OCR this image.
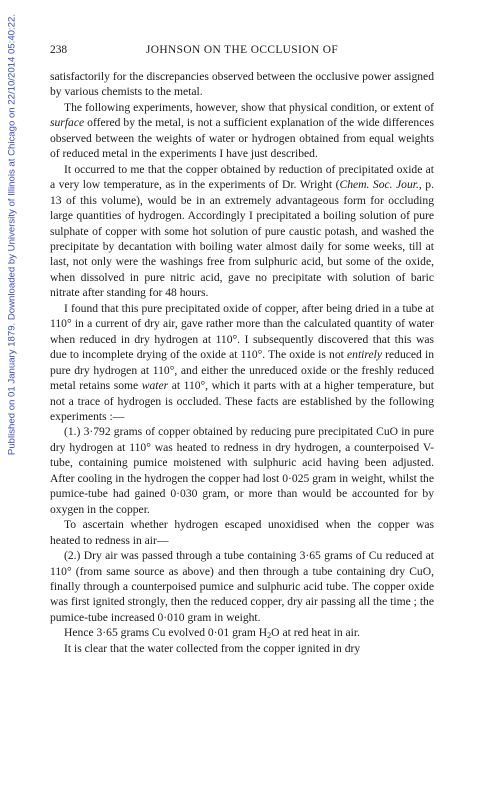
Published on 01 January 1879. Downloaded by University of Illinois at Chicago on 22/10/2014 05:40:22.	238	JOHNSON ON THE OCCLUSION OF

satisfactorily for the discrepancies observed between the occlusive power assigned by various chemists to the metal.

The following experiments, however, show that physical condition, or extent of surface offered by the metal, is not a sufficient explanation of the wide differences observed between the weights of water or hydrogen obtained from equal weights of reduced metal in the experiments I have just described.

It occurred to me that the copper obtained by reduction of precipitated oxide at a very low temperature, as in the experiments of Dr. Wright (Chem. Soc. Jour., p. 13 of this volume), would be in an extremely advantageous form for occluding large quantities of hydrogen. Accordingly I precipitated a boiling solution of pure sulphate of copper with some hot solution of pure caustic potash, and washed the precipitate by decantation with boiling water almost daily for some weeks, till at last, not only were the washings free from sulphuric acid, but some of the oxide, when dissolved in pure nitric acid, gave no precipitate with solution of baric nitrate after standing for 48 hours.

I found that this pure precipitated oxide of copper, after being dried in a tube at 110° in a current of dry air, gave rather more than the calculated quantity of water when reduced in dry hydrogen at 110°. I subsequently discovered that this was due to incomplete drying of the oxide at 110°. The oxide is not entirely reduced in pure dry hydrogen at 110°, and either the unreduced oxide or the freshly reduced metal retains some water at 110°, which it parts with at a higher temperature, but not a trace of hydrogen is occluded. These facts are established by the following experiments :—

(1.) 3·792 grams of copper obtained by reducing pure precipitated CuO in pure dry hydrogen at 110° was heated to redness in dry hydrogen, a counterpoised V-tube, containing pumice moistened with sulphuric acid having been adjusted. After cooling in the hydrogen the copper had lost 0·025 gram in weight, whilst the pumice-tube had gained 0·030 gram, or more than would be accounted for by oxygen in the copper.

To ascertain whether hydrogen escaped unoxidised when the copper was heated to redness in air—

(2.) Dry air was passed through a tube containing 3·65 grams of Cu reduced at 110° (from same source as above) and then through a tube containing dry CuO, finally through a counterpoised pumice and sulphuric acid tube. The copper oxide was first ignited strongly, then the reduced copper, dry air passing all the time ; the pumice-tube increased 0·010 gram in weight.

Hence 3·65 grams Cu evolved 0·01 gram $H_2O$ at red heat in air.

It is clear that the water collected from the copper ignited in dry
